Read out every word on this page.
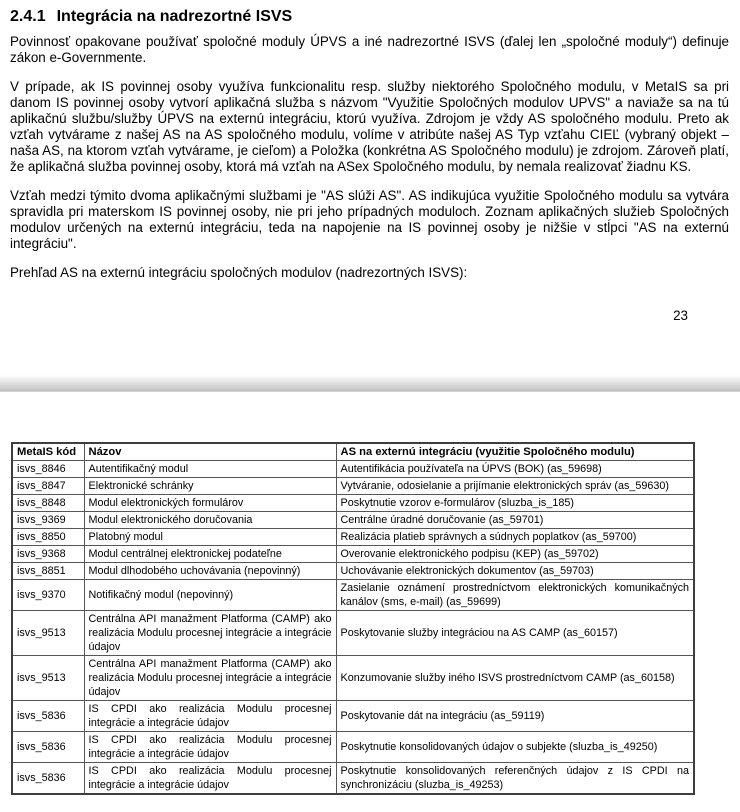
2.4.1 Integrácia na nadrezortné ISVS

Povinnosť opakovane používať spoločné moduly ÚPVS a iné nadrezortné ISVS (ďalej len „spoločné moduly“) definuje zákon e-Governmente.

V prípade, ak IS povinnej osoby využíva funkcionalitu resp. služby niektorého Spoločného modulu, v MetaIS sa pri danom IS povinnej osoby vytvorí aplikačná služba s názvom "Využitie Spoločných modulov UPVS" a naviaže sa na tú aplikačnú službu/služby ÚPVS na externú integráciu, ktorú využíva. Zdrojom je vždy AS spoločného modulu. Preto ak vzťah vytvárame z našej AS na AS spoločného modulu, volíme v atribúte našej AS Typ vzťahu CIEĽ (vybraný objekt – naša AS, na ktorom vzťah vytvárame, je cieľom) a Položka (konkrétna AS Spoločného modulu) je zdrojom. Zároveň platí, že aplikačná služba povinnej osoby, ktorá má vzťah na ASex Spoločného modulu, by nemala realizovať žiadnu KS.

Vzťah medzi týmito dvoma aplikačnými službami je "AS slúži AS". AS indikujúca využitie Spoločného modulu sa vytvára spravidla pri materskom IS povinnej osoby, nie pri jeho prípadných moduloch. Zoznam aplikačných služieb Spoločných modulov určených na externú integráciu, teda na napojenie na IS povinnej osoby je nižšie v stĺpci "AS na externú integráciu".

Prehľad AS na externú integráciu spoločných modulov (nadrezortných ISVS):

23
MetaIS kód	Názov	AS na externú integráciu (využitie Spoločného modulu)
isvs_8846	Autentifikačný modul	Autentifikácia používateľa na ÚPVS (BOK) (as_59698)
isvs_8847	Elektronické schránky	Vytváranie, odosielanie a prijímanie elektronických správ (as_59630)
isvs_8848	Modul elektronických formulárov	Poskytnutie vzorov e-formulárov (sluzba_is_185)
isvs_9369	Modul elektronického doručovania	Centrálne úradné doručovanie (as_59701)
isvs_8850	Platobný modul	Realizácia platieb správnych a súdnych poplatkov (as_59700)
isvs_9368	Modul centrálnej elektronickej podateľne	Overovanie elektronického podpisu (KEP) (as_59702)
isvs_8851	Modul dlhodobého uchovávania (nepovinný)	Uchovávanie elektronických dokumentov (as_59703)
isvs_9370	Notifikačný modul (nepovinný)	Zasielanie oznámení prostredníctvom elektronických komunikačných kanálov (sms, e-mail) (as_59699)
isvs_9513	Centrálna API manažment Platforma (CAMP) ako realizácia Modulu procesnej integrácie a integrácie údajov	Poskytovanie služby integráciou na AS CAMP (as_60157)
isvs_9513	Centrálna API manažment Platforma (CAMP) ako realizácia Modulu procesnej integrácie a integrácie údajov	Konzumovanie služby iného ISVS prostredníctvom CAMP (as_60158)
isvs_5836	IS CPDI ako realizácia Modulu procesnej integrácie a integrácie údajov	Poskytovanie dát na integráciu (as_59119)
isvs_5836	IS CPDI ako realizácia Modulu procesnej integrácie a integrácie údajov	Poskytnutie konsolidovaných údajov o subjekte (sluzba_is_49250)
isvs_5836	IS CPDI ako realizácia Modulu procesnej integrácie a integrácie údajov	Poskytnutie konsolidovaných referenčných údajov z IS CPDI na synchronizáciu (sluzba_is_49253)
